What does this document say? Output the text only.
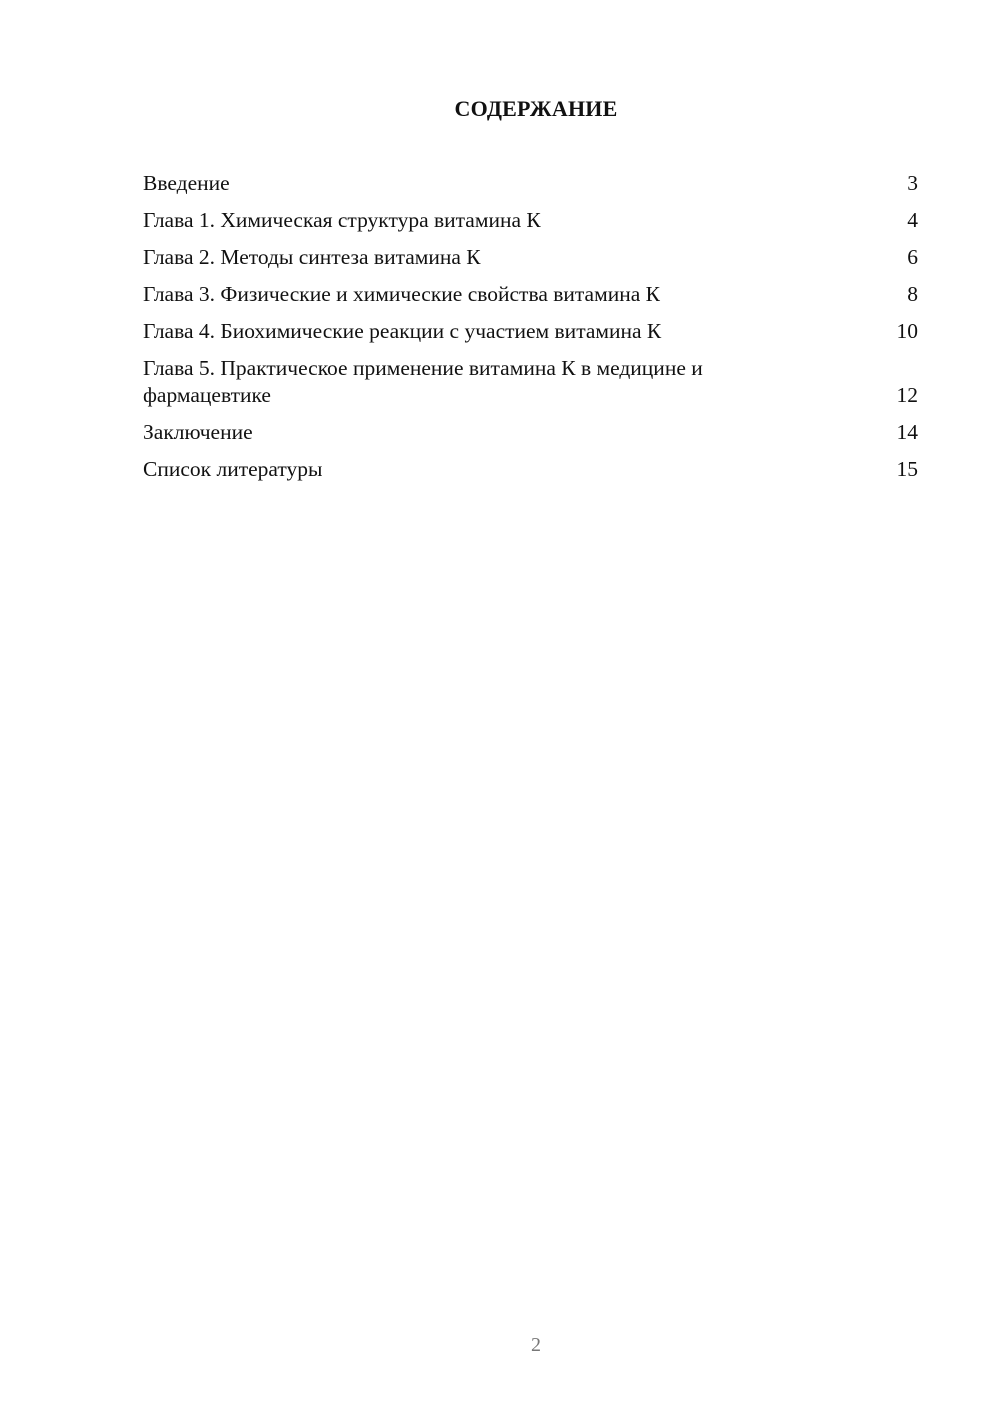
СОДЕРЖАНИЕ
Введение	3
Глава 1. Химическая структура витамина К	4
Глава 2. Методы синтеза витамина К	6
Глава 3. Физические и химические свойства витамина К	8
Глава 4. Биохимические реакции с участием витамина К	10
Глава 5. Практическое применение витамина К в медицине и фармацевтике	12
Заключение	14
Список литературы	15
2
